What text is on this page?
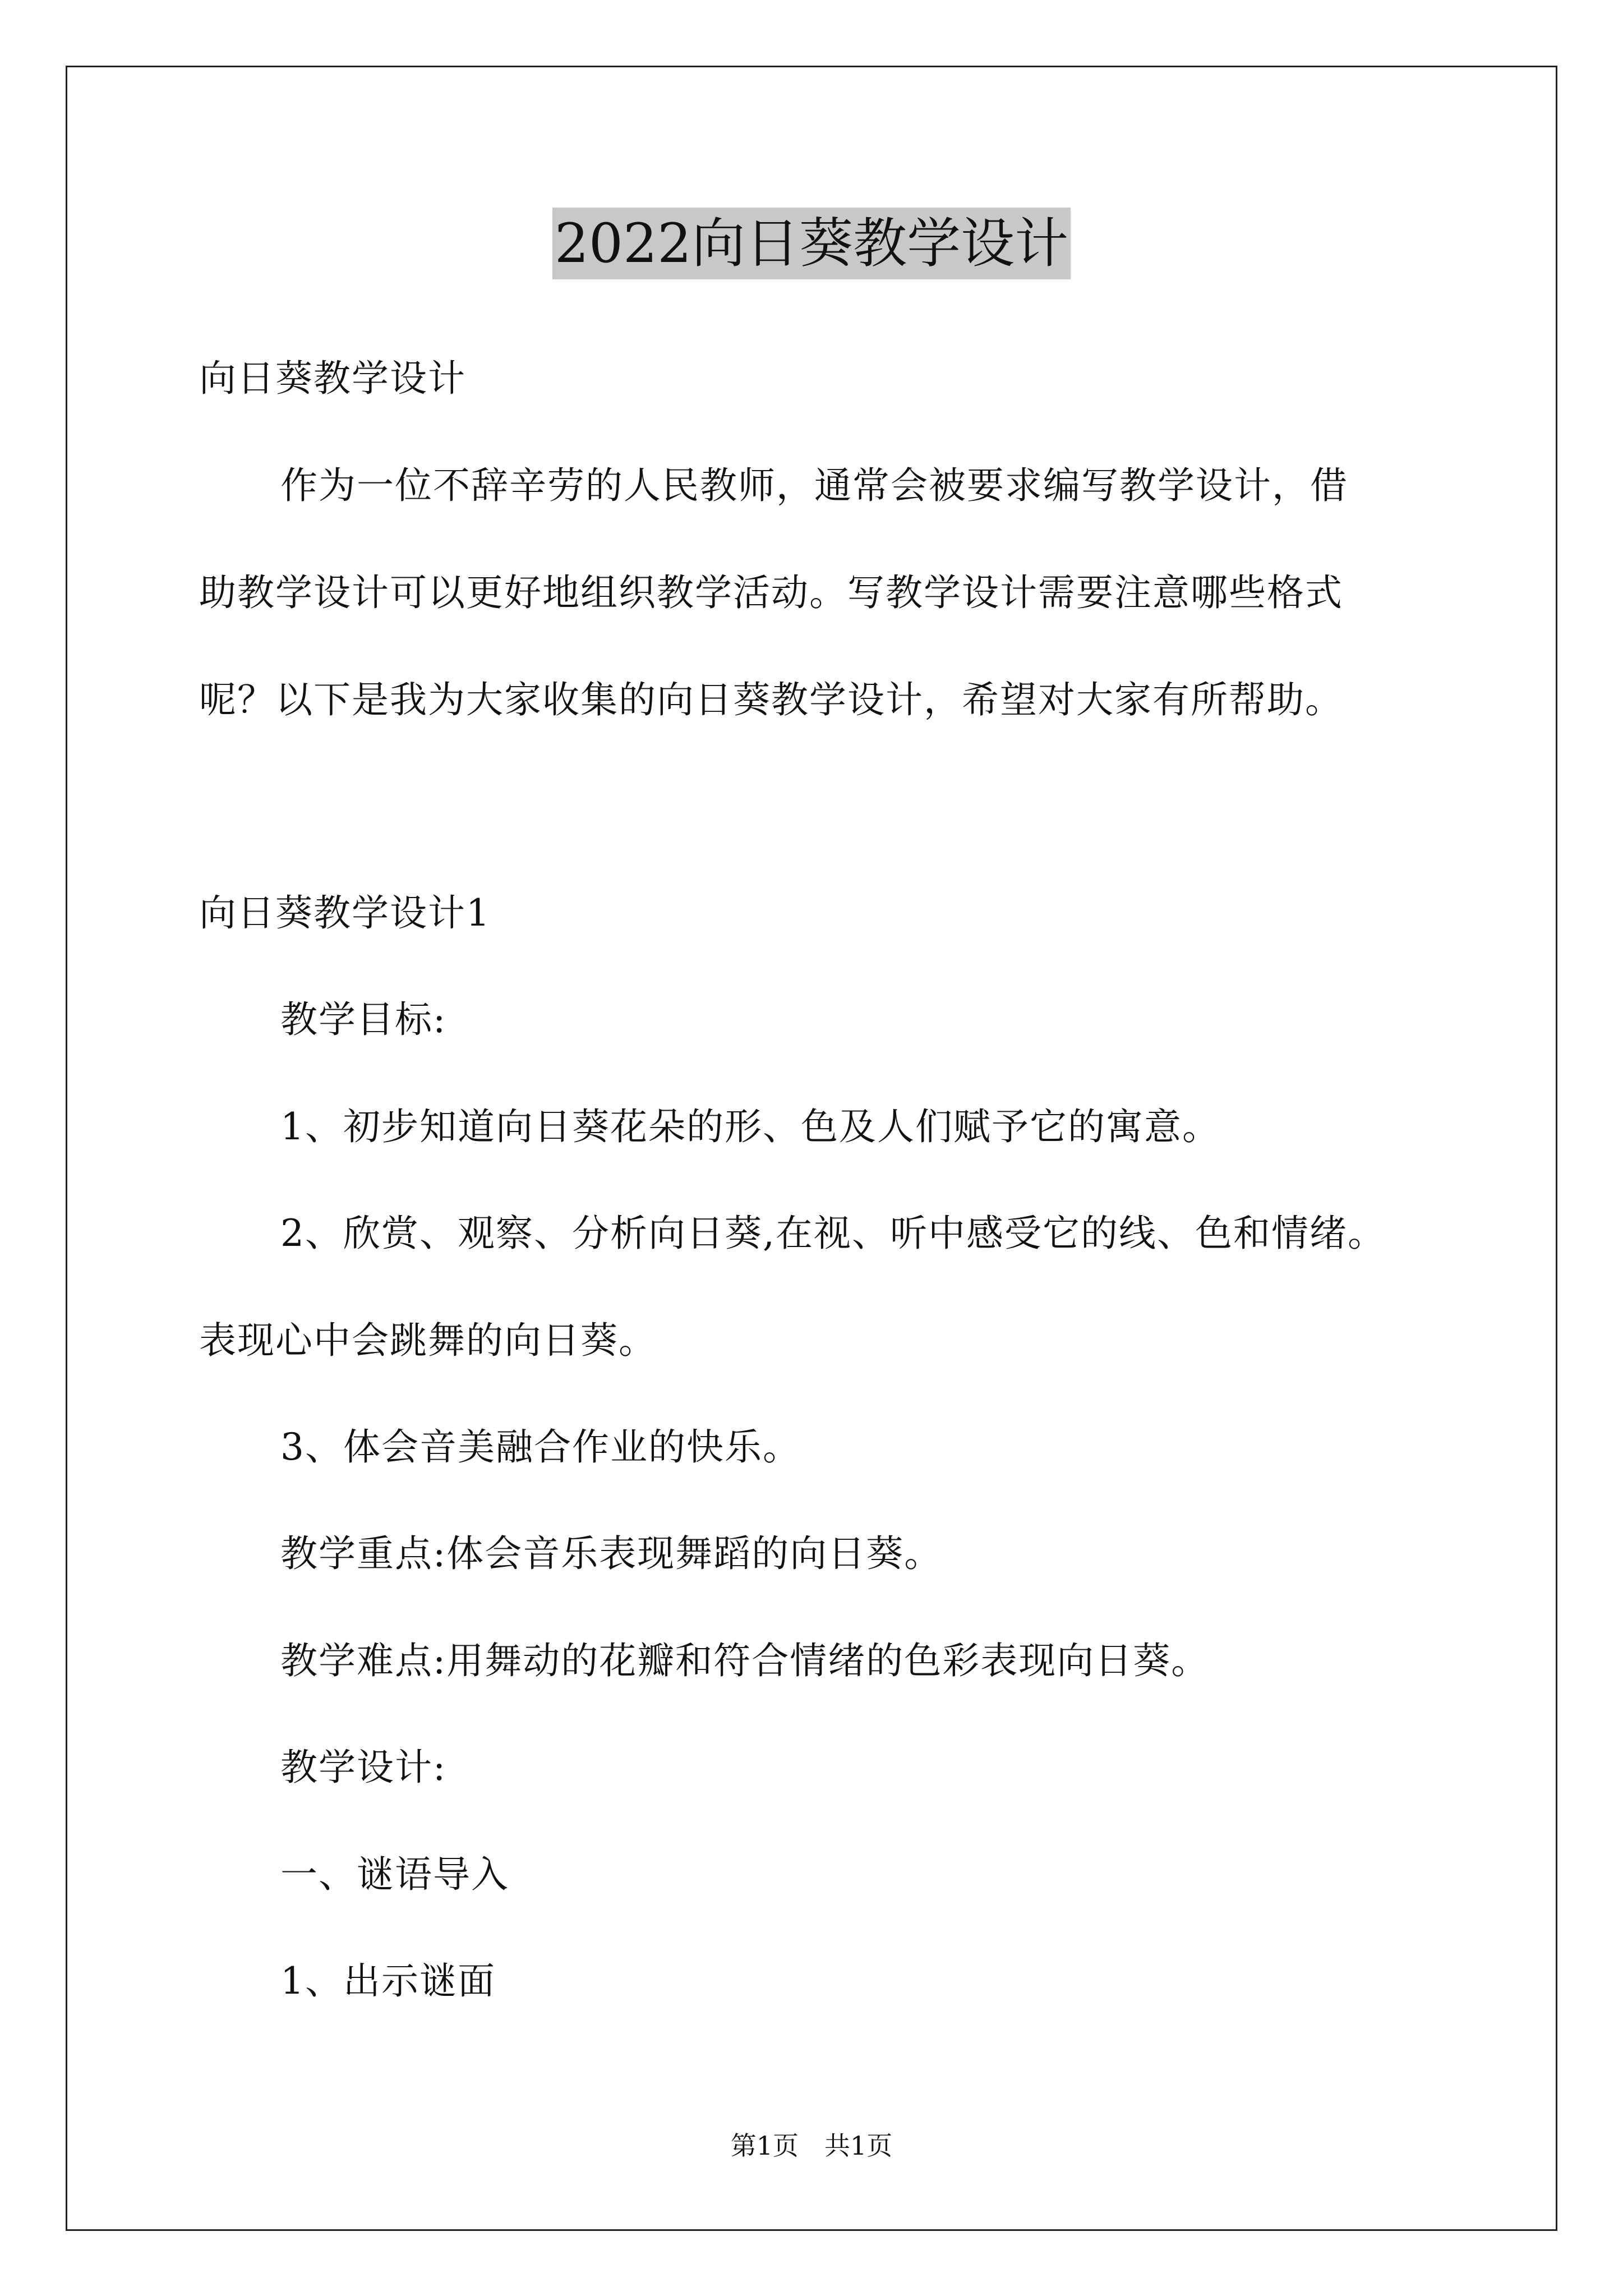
2022向日葵教学设计
向日葵教学设计
作为一位不辞辛劳的人民教师，通常会被要求编写教学设计，借
助教学设计可以更好地组织教学活动。写教学设计需要注意哪些格式
呢？以下是我为大家收集的向日葵教学设计，希望对大家有所帮助。
向日葵教学设计1
教学目标:
1、初步知道向日葵花朵的形、色及人们赋予它的寓意。
2、欣赏、观察、分析向日葵,在视、听中感受它的线、色和情绪。
表现心中会跳舞的向日葵。
3、体会音美融合作业的快乐。
教学重点:体会音乐表现舞蹈的向日葵。
教学难点:用舞动的花瓣和符合情绪的色彩表现向日葵。
教学设计:
一、谜语导入
1、出示谜面
第1页　共1页
